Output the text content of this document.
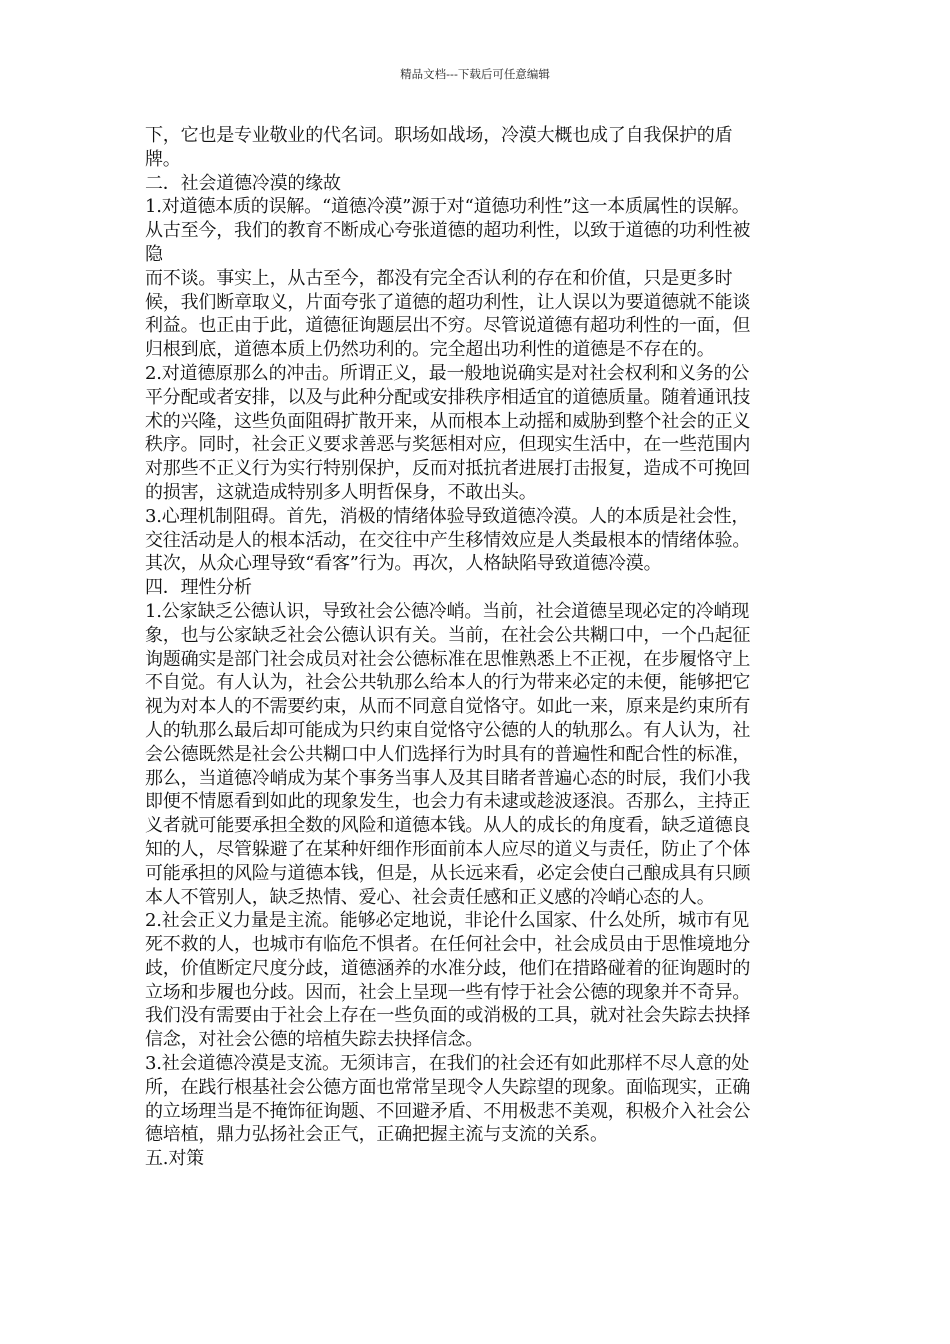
精品文档---下载后可任意编辑
下，它也是专业敬业的代名词。职场如战场，冷漠大概也成了自我保护的盾
牌。
二．社会道德冷漠的缘故
1.对道德本质的误解。“道德冷漠”源于对“道德功利性”这一本质属性的误解。
从古至今，我们的教育不断成心夸张道德的超功利性，以致于道德的功利性被
隐
而不谈。事实上，从古至今，都没有完全否认利的存在和价值，只是更多时
候，我们断章取义，片面夸张了道德的超功利性，让人误以为要道德就不能谈
利益。也正由于此，道德征询题层出不穷。尽管说道德有超功利性的一面，但
归根到底，道德本质上仍然功利的。完全超出功利性的道德是不存在的。
2.对道德原那么的冲击。所谓正义，最一般地说确实是对社会权利和义务的公
平分配或者安排，以及与此种分配或安排秩序相适宜的道德质量。随着通讯技
术的兴隆，这些负面阻碍扩散开来，从而根本上动摇和威胁到整个社会的正义
秩序。同时，社会正义要求善恶与奖惩相对应，但现实生活中，在一些范围内
对那些不正义行为实行特别保护，反而对抵抗者进展打击报复，造成不可挽回
的损害，这就造成特别多人明哲保身，不敢出头。
3.心理机制阻碍。首先，消极的情绪体验导致道德冷漠。人的本质是社会性，
交往活动是人的根本活动，在交往中产生移情效应是人类最根本的情绪体验。
其次，从众心理导致“看客”行为。再次，人格缺陷导致道德冷漠。
四．理性分析
1.公家缺乏公德认识，导致社会公德冷峭。当前，社会道德呈现必定的冷峭现
象，也与公家缺乏社会公德认识有关。当前，在社会公共糊口中，一个凸起征
询题确实是部门社会成员对社会公德标准在思惟熟悉上不正视，在步履恪守上
不自觉。有人认为，社会公共轨那么给本人的行为带来必定的未便，能够把它
视为对本人的不需要约束，从而不同意自觉恪守。如此一来，原来是约束所有
人的轨那么最后却可能成为只约束自觉恪守公德的人的轨那么。有人认为，社
会公德既然是社会公共糊口中人们选择行为时具有的普遍性和配合性的标准，
那么，当道德冷峭成为某个事务当事人及其目睹者普遍心态的时辰，我们小我
即便不情愿看到如此的现象发生，也会力有未逮或趁波逐浪。否那么，主持正
义者就可能要承担全数的风险和道德本钱。从人的成长的角度看，缺乏道德良
知的人，尽管躲避了在某种奸细作形面前本人应尽的道义与责任，防止了个体
可能承担的风险与道德本钱，但是，从长远来看，必定会使白己酿成具有只顾
本人不管别人，缺乏热情、爱心、社会责任感和正义感的冷峭心态的人。
2.社会正义力量是主流。能够必定地说，非论什么国家、什么处所，城市有见
死不救的人，也城市有临危不惧者。在任何社会中，社会成员由于思惟境地分
歧，价值断定尺度分歧，道德涵养的水准分歧，他们在措路碰着的征询题时的
立场和步履也分歧。因而，社会上呈现一些有悖于社会公德的现象并不奇异。
我们没有需要由于社会上存在一些负面的或消极的工具，就对社会失踪去抉择
信念，对社会公德的培植失踪去抉择信念。
3.社会道德冷漠是支流。无须讳言，在我们的社会还有如此那样不尽人意的处
所，在践行根基社会公德方面也常常呈现令人失踪望的现象。面临现实，正确
的立场理当是不掩饰征询题、不回避矛盾、不用极悲不美观，积极介入社会公
德培植，鼎力弘扬社会正气，正确把握主流与支流的关系。
五.对策
